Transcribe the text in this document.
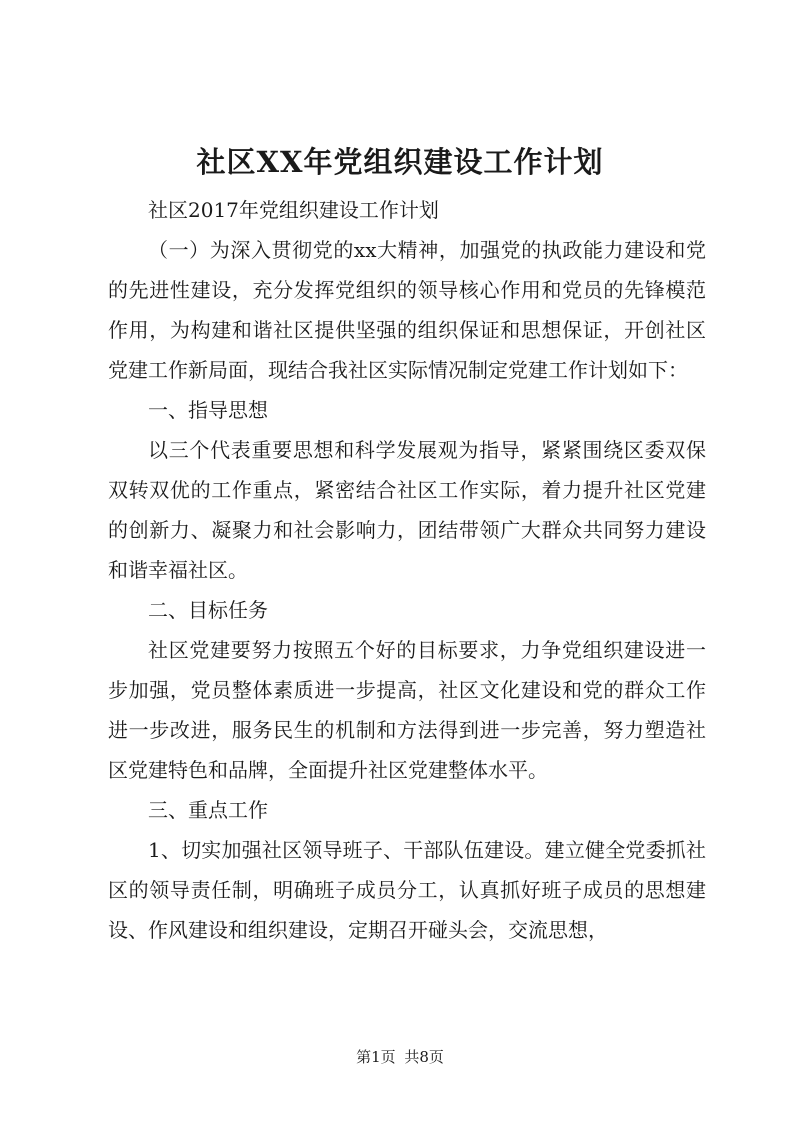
社区XX年党组织建设工作计划

社区2017年党组织建设工作计划

（一）为深入贯彻党的xx大精神，加强党的执政能力建设和党的先进性建设，充分发挥党组织的领导核心作用和党员的先锋模范作用，为构建和谐社区提供坚强的组织保证和思想保证，开创社区党建工作新局面，现结合我社区实际情况制定党建工作计划如下：

一、指导思想

以三个代表重要思想和科学发展观为指导，紧紧围绕区委双保双转双优的工作重点，紧密结合社区工作实际，着力提升社区党建的创新力、凝聚力和社会影响力，团结带领广大群众共同努力建设和谐幸福社区。

二、目标任务

社区党建要努力按照五个好的目标要求，力争党组织建设进一步加强，党员整体素质进一步提高，社区文化建设和党的群众工作进一步改进，服务民生的机制和方法得到进一步完善，努力塑造社区党建特色和品牌，全面提升社区党建整体水平。

三、重点工作

1、切实加强社区领导班子、干部队伍建设。建立健全党委抓社区的领导责任制，明确班子成员分工，认真抓好班子成员的思想建设、作风建设和组织建设，定期召开碰头会，交流思想，

第1页 共8页
